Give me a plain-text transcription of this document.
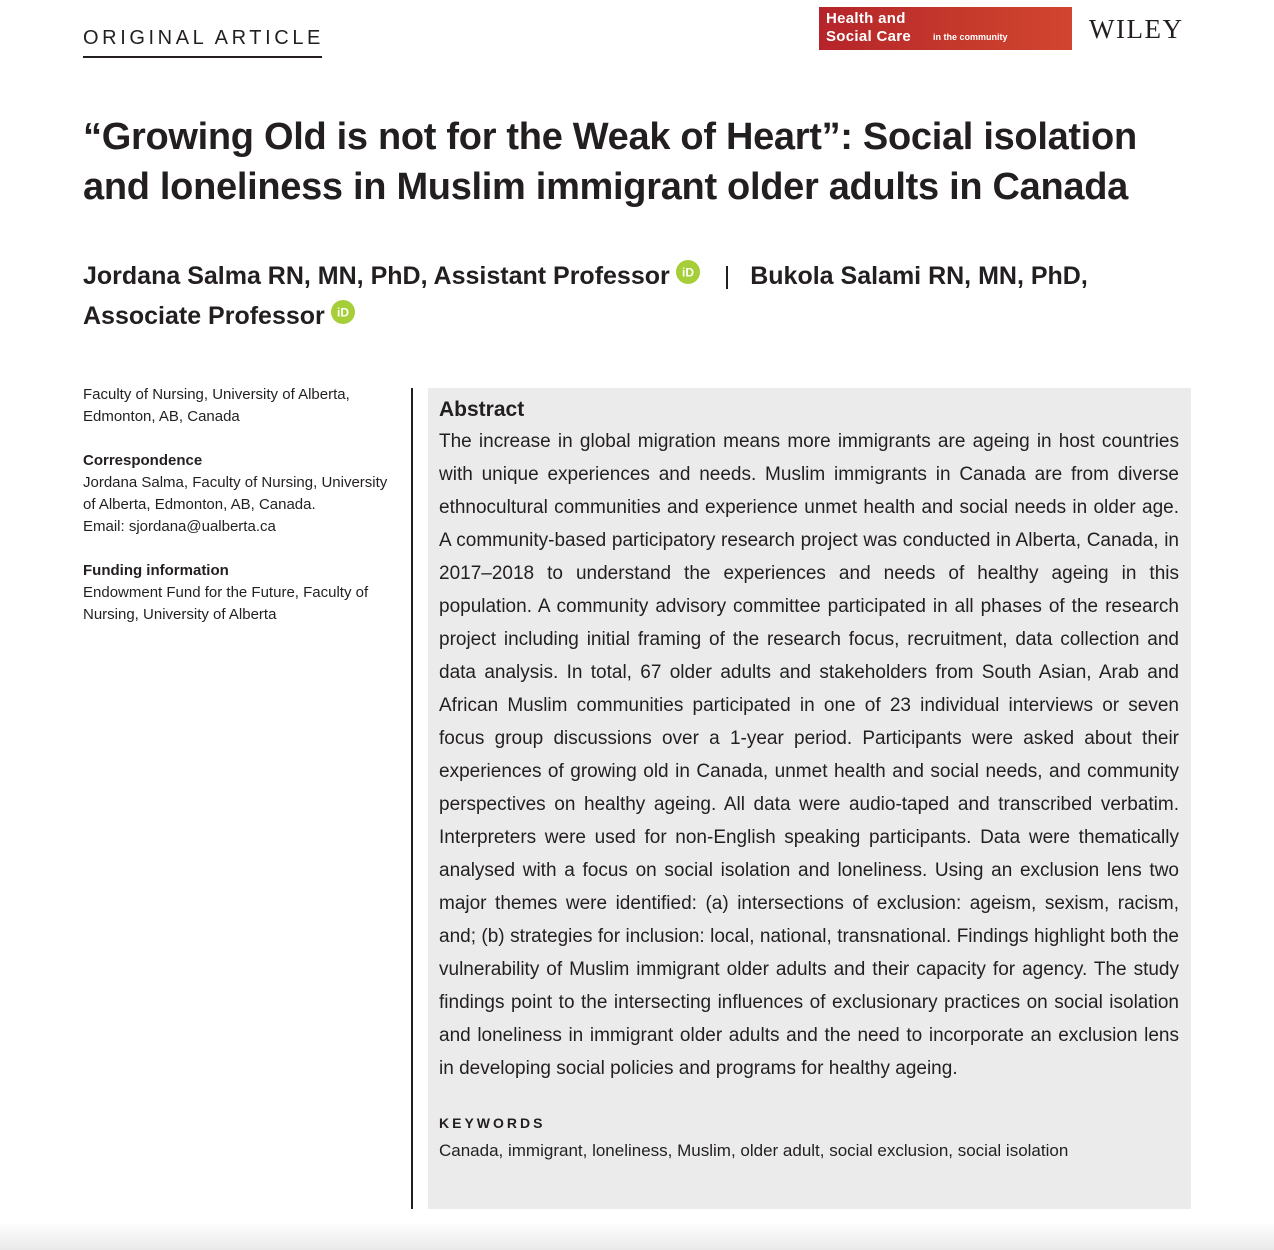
ORIGINAL ARTICLE
Health and
Social Care in the community	WILEY
“Growing Old is not for the Weak of Heart”: Social isolation and loneliness in Muslim immigrant older adults in Canada
Jordana Salma RN, MN, PhD, Assistant Professor iD | Bukola Salami RN, MN, PhD, Associate Professor iD

Faculty of Nursing, University of Alberta, Edmonton, AB, Canada

Correspondence
Jordana Salma, Faculty of Nursing, University of Alberta, Edmonton, AB, Canada.
Email: sjordana@ualberta.ca

Funding information
Endowment Fund for the Future, Faculty of Nursing, University of Alberta

Abstract

The increase in global migration means more immigrants are ageing in host countries with unique experiences and needs. Muslim immigrants in Canada are from diverse ethnocultural communities and experience unmet health and social needs in older age. A community-based participatory research project was conducted in Alberta, Canada, in 2017–2018 to understand the experiences and needs of healthy ageing in this population. A community advisory committee participated in all phases of the research project including initial framing of the research focus, recruitment, data collection and data analysis. In total, 67 older adults and stakeholders from South Asian, Arab and African Muslim communities participated in one of 23 individual interviews or seven focus group discussions over a 1-year period. Participants were asked about their experiences of growing old in Canada, unmet health and social needs, and community perspectives on healthy ageing. All data were audio-taped and transcribed verbatim. Interpreters were used for non-English speaking participants. Data were thematically analysed with a focus on social isolation and loneliness. Using an exclusion lens two major themes were identified: (a) intersections of exclusion: ageism, sexism, racism, and; (b) strategies for inclusion: local, national, transnational. Findings highlight both the vulnerability of Muslim immigrant older adults and their capacity for agency. The study findings point to the intersecting influences of exclusionary practices on social isolation and loneliness in immigrant older adults and the need to incorporate an exclusion lens in developing social policies and programs for healthy ageing.

KEYWORDS
Canada, immigrant, loneliness, Muslim, older adult, social exclusion, social isolation
